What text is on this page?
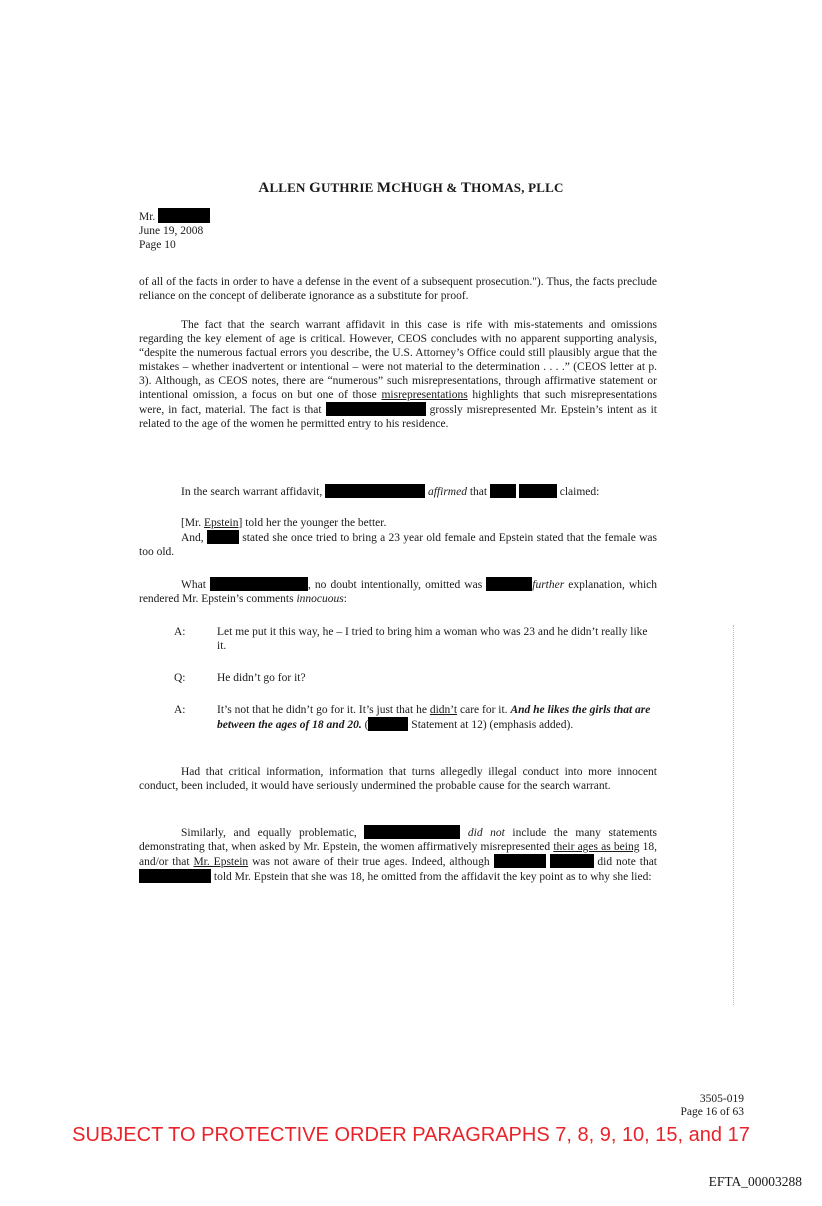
ALLEN GUTHRIE MCHUGH & THOMAS, PLLC
Mr.
June 19, 2008
Page 10

of all of the facts in order to have a defense in the event of a subsequent prosecution."). Thus, the facts preclude reliance on the concept of deliberate ignorance as a substitute for proof.

The fact that the search warrant affidavit in this case is rife with mis-statements and omissions regarding the key element of age is critical. However, CEOS concludes with no apparent supporting analysis, “despite the numerous factual errors you describe, the U.S. Attorney’s Office could still plausibly argue that the mistakes – whether inadvertent or intentional – were not material to the determination . . . .” (CEOS letter at p. 3). Although, as CEOS notes, there are “numerous” such misrepresentations, through affirmative statement or intentional omission, a focus on but one of those misrepresentations highlights that such misrepresentations were, in fact, material. The fact is that	grossly misrepresented Mr. Epstein’s intent as it related to the age of the women he permitted entry to his residence.

In the search warrant affidavit,	affirmed that	claimed:

[Mr. Epstein] told her the younger the better.

And,	stated she once tried to bring a 23 year old female and Epstein stated that the female was too old.

What	, no doubt intentionally, omitted was	further explanation, which rendered Mr. Epstein’s comments innocuous:

A:	Let me put it this way, he – I tried to bring him a woman who was 23 and he didn’t really like it.
Q:	He didn’t go for it?
A:	It’s not that he didn’t go for it. It’s just that he didn’t care for it. And he likes the girls that are between the ages of 18 and 20. (	Statement at 12) (emphasis added).

Had that critical information, information that turns allegedly illegal conduct into more innocent conduct, been included, it would have seriously undermined the probable cause for the search warrant.

Similarly, and equally problematic,	did not include the many statements demonstrating that, when asked by Mr. Epstein, the women affirmatively misrepresented their ages as being 18, and/or that Mr. Epstein was not aware of their true ages. Indeed, although	did note that  told Mr. Epstein that she was 18, he omitted from the affidavit the key point as to why she lied:

3505-019
Page 16 of 63
SUBJECT TO PROTECTIVE ORDER PARAGRAPHS 7, 8, 9, 10, 15, and 17
EFTA_00003288
